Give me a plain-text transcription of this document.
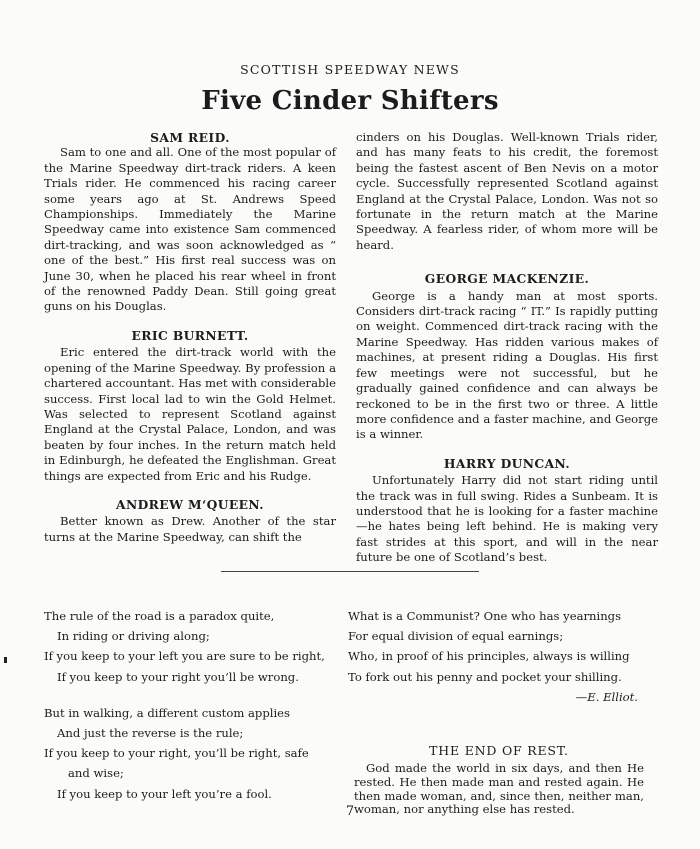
SCOTTISH SPEEDWAY NEWS
Five Cinder Shifters
SAM REID.

Sam to one and all. One of the most popular of the Marine Speedway dirt-track riders. A keen Trials rider. He commenced his racing career some years ago at St. Andrews Speed Championships. Immediately the Marine Speedway came into existence Sam commenced dirt-tracking, and was soon acknowledged as “ one of the best.” His first real success was on June 30, when he placed his rear wheel in front of the renowned Paddy Dean. Still going great guns on his Douglas.

ERIC BURNETT.

Eric entered the dirt-track world with the opening of the Marine Speedway. By profession a chartered accountant. Has met with considerable success. First local lad to win the Gold Helmet. Was selected to represent Scotland against England at the Crystal Palace, London, and was beaten by four inches. In the return match held in Edinburgh, he defeated the Englishman. Great things are expected from Eric and his Rudge.

ANDREW M‘QUEEN.

Better known as Drew. Another of the star turns at the Marine Speedway, can shift the

cinders on his Douglas. Well-known Trials rider, and has many feats to his credit, the foremost being the fastest ascent of Ben Nevis on a motor cycle. Successfully represented Scotland against England at the Crystal Palace, London. Was not so fortunate in the return match at the Marine Speedway. A fearless rider, of whom more will be heard.

GEORGE MACKENZIE.

George is a handy man at most sports. Considers dirt-track racing “ IT.” Is rapidly putting on weight. Commenced dirt-track racing with the Marine Speedway. Has ridden various makes of machines, at present riding a Douglas. His first few meetings were not successful, but he gradually gained confidence and can always be reckoned to be in the first two or three. A little more confidence and a faster machine, and George is a winner.

HARRY DUNCAN.

Unfortunately Harry did not start riding until the track was in full swing. Rides a Sunbeam. It is understood that he is looking for a faster machine—he hates being left behind. He is making very fast strides at this sport, and will in the near future be one of Scotland’s best.

The rule of the road is a paradox quite,
In riding or driving along;
If you keep to your left you are sure to be right,
If you keep to your right you’ll be wrong.
But in walking, a different custom applies
And just the reverse is the rule;
If you keep to your right, you’ll be right, safe
and wise;
If you keep to your left you’re a fool.
What is a Communist? One who has yearnings
For equal division of equal earnings;
Who, in proof of his principles, always is willing
To fork out his penny and pocket your shilling.
—E. Elliot.
THE END OF REST.

God made the world in six days, and then He rested. He then made man and rested again. He then made woman, and, since then, neither man, woman, nor anything else has rested.

7
